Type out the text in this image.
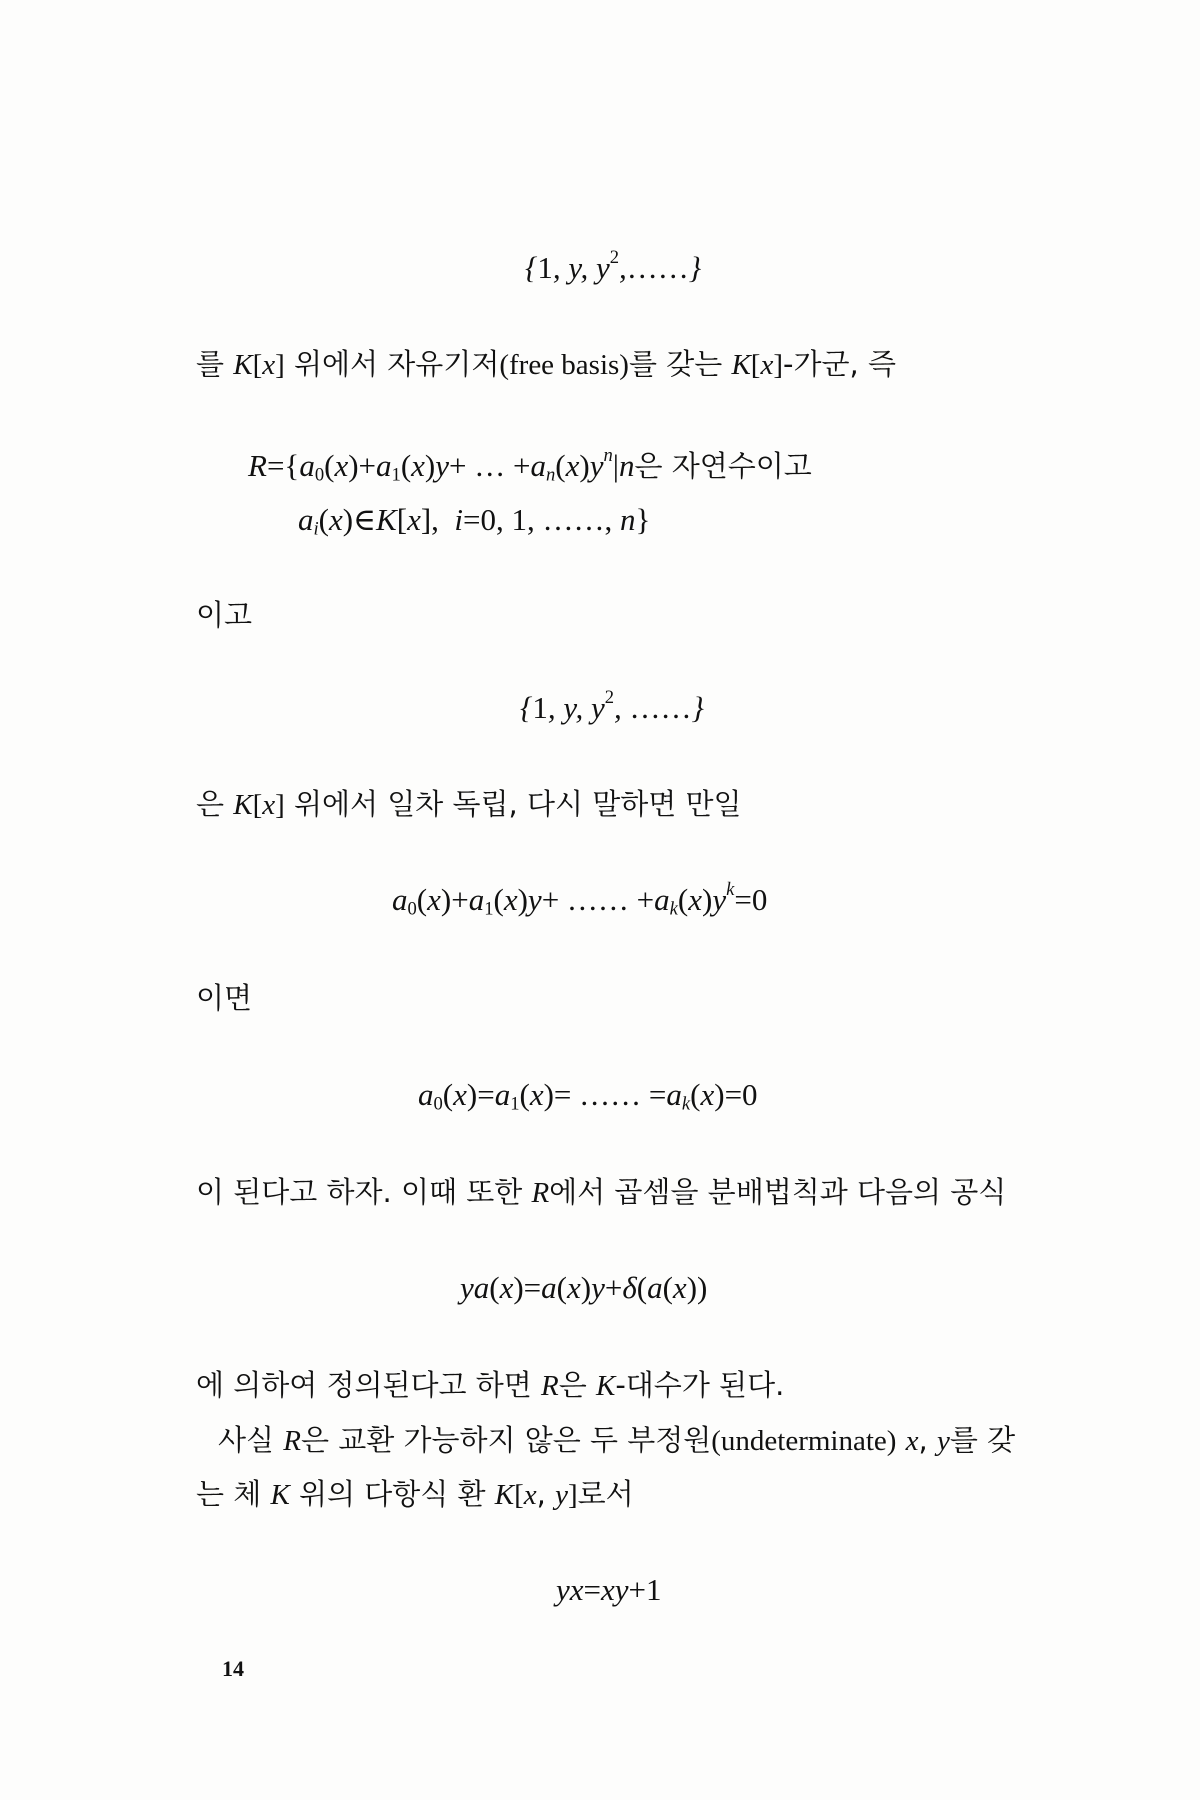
{1, y, $y^2,\dots\dots$}
를 K[x] 위에서 자유기저(free basis)를 갖는 K[x]-가군, 즉
$R=\{a_0(x)+a_1(x)y+$ … $+a_n(x)y^n|n$은 자연수이고
$a_i(x)\in K[x]$,  i=0, 1, ……, n}
이고
{1, y, $y^2$, ……}
은 K[x] 위에서 일차 독립, 다시 말하면 만일
$a_0(x)+a_1(x)y+$ …… $+a_k(x)y^k=0$
이면
$a_0(x)=a_1(x)=$ …… $=a_k(x)=0$
이 된다고 하자. 이때 또한 R에서 곱셈을 분배법칙과 다음의 공식
ya(x)=a(x)y+δ(a(x))
에 의하여 정의된다고 하면 R은 K-대수가 된다.
사실 R은 교환 가능하지 않은 두 부정원(undeterminate) x, y를 갖
는 체 K 위의 다항식 환 K[x, y]로서
yx=xy+1
14
